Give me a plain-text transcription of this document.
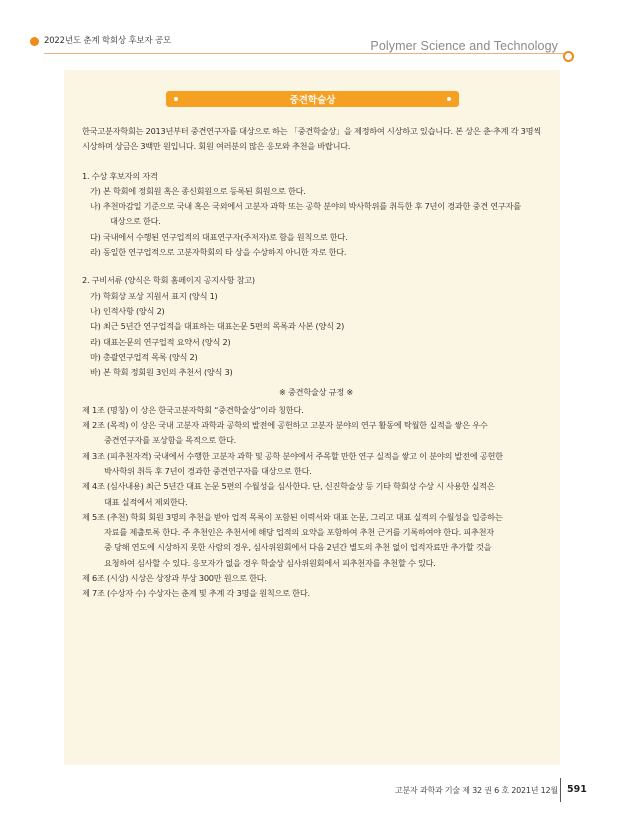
2022년도 춘계 학회상 후보자 공모	Polymer Science and Technology
중견학술상

한국고분자학회는 2013년부터 중견연구자를 대상으로 하는 「중견학술상」을 제정하여 시상하고 있습니다. 본 상은 춘·추계 각 3명씩 시상하며 상금은 3백만 원입니다. 회원 여러분의 많은 응모와 추천을 바랍니다.

1. 수상 후보자의 자격

가) 본 학회에 정회원 혹은 종신회원으로 등록된 회원으로 한다.
나) 추천마감일 기준으로 국내 혹은 국외에서 고분자 과학 또는 공학 분야의 박사학위를 취득한 후 7년이 경과한 중견 연구자를
대상으로 한다.
다) 국내에서 수행된 연구업적의 대표연구자(주저자)로 함을 원칙으로 한다.
라) 동일한 연구업적으로 고분자학회의 타 상을 수상하지 아니한 자로 한다.

2. 구비서류 (양식은 학회 홈페이지 공지사항 참고)

가) 학회상 포상 지원서 표지 (양식 1)
나) 인적사항 (양식 2)
다) 최근 5년간 연구업적을 대표하는 대표논문 5편의 목록과 사본 (양식 2)
라) 대표논문의 연구업적 요약서 (양식 2)
마) 총괄연구업적 목록 (양식 2)
바) 본 학회 정회원 3인의 추천서 (양식 3)

※ 중견학술상 규정 ※

제 1조 (명칭) 이 상은 한국고분자학회 “중견학술상”이라 칭한다.
제 2조 (목적) 이 상은 국내 고분자 과학과 공학의 발전에 공헌하고 고분자 분야의 연구 활동에 탁월한 실적을 쌓은 우수
중견연구자를 포상함을 목적으로 한다.
제 3조 (피추천자격) 국내에서 수행한 고분자 과학 및 공학 분야에서 주목할 만한 연구 실적을 쌓고 이 분야의 발전에 공헌한
박사학위 취득 후 7년이 경과한 중견연구자를 대상으로 한다.
제 4조 (심사내용) 최근 5년간 대표 논문 5편의 수월성을 심사한다. 단, 신진학술상 등 기타 학회상 수상 시 사용한 실적은
대표 실적에서 제외한다.
제 5조 (추천) 학회 회원 3명의 추천을 받아 업적 목록이 포함된 이력서와 대표 논문, 그리고 대표 실적의 수월성을 입증하는
자료를 제출토록 한다. 주 추천인은 추천서에 해당 업적의 요약을 포함하여 추천 근거를 기록하여야 한다. 피추천자
중 당해 연도에 시상하지 못한 사람의 경우, 심사위원회에서 다음 2년간 별도의 추천 없이 업적자료만 추가할 것을
요청하여 심사할 수 있다. 응모자가 없을 경우 학술상 심사위원회에서 피추천자를 추천할 수 있다.
제 6조 (시상) 시상은 상장과 부상 300만 원으로 한다.
제 7조 (수상자 수) 수상자는 춘계 및 추계 각 3명을 원칙으로 한다.
고분자 과학과 기술 제 32 권 6 호 2021년 12월 591
